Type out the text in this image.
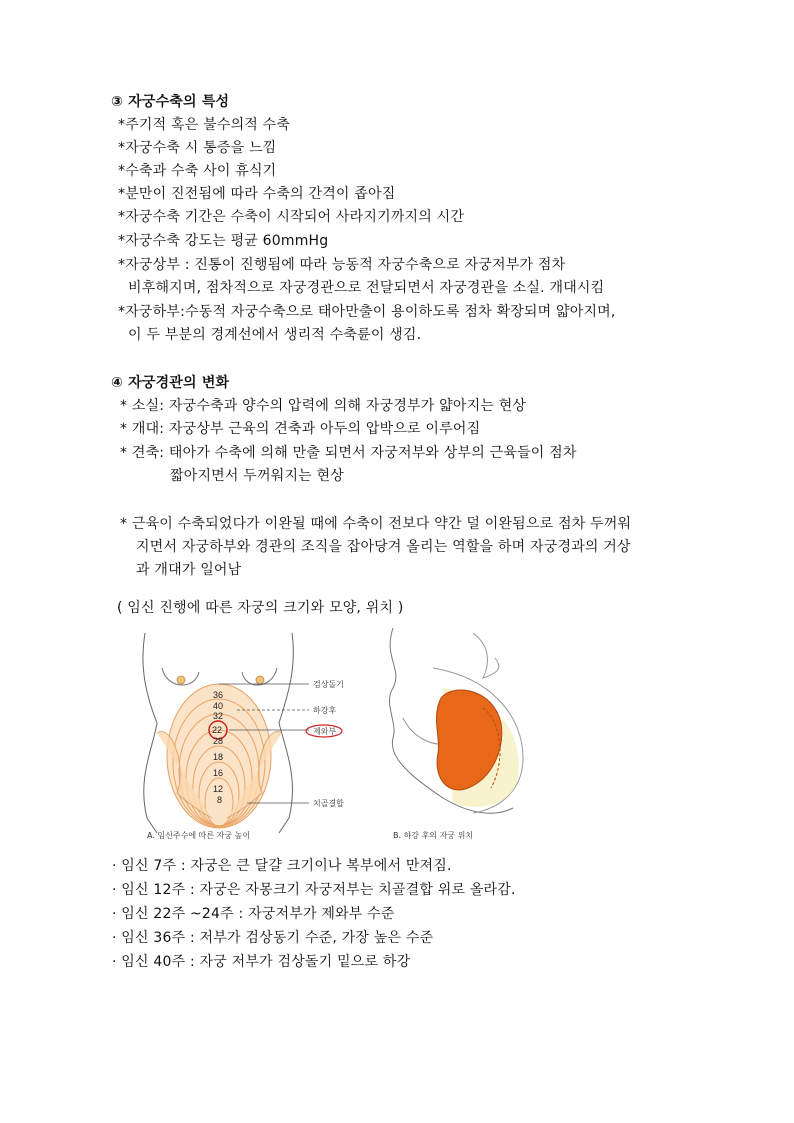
③ 자궁수축의 특성
*주기적 혹은 불수의적 수축
*자궁수축 시 통증을 느낌
*수축과 수축 사이 휴식기
*분만이 진전됨에 따라 수축의 간격이 좁아짐
*자궁수축 기간은 수축이 시작되어 사라지기까지의 시간
*자궁수축 강도는 평균 60mmHg
*자궁상부 : 진통이 진행됨에 따라 능동적 자궁수축으로 자궁저부가 점차
비후해지며, 점차적으로 자궁경관으로 전달되면서 자궁경관을 소실. 개대시킴
*자궁하부:수동적 자궁수축으로 태아만출이 용이하도록 점차 확장되며 얇아지며,
이 두 부분의 경계선에서 생리적 수축륜이 생김.
④ 자궁경관의 변화
* 소실: 자궁수축과 양수의 압력에 의해 자궁경부가 얇아지는 현상
* 개대: 자궁상부 근육의 견축과 아두의 압박으로 이루어짐
* 견축: 태아가 수축에 의해 만출 되면서 자궁저부와 상부의 근육들이 점차
짧아지면서 두꺼워지는 현상
* 근육이 수축되었다가 이완될 때에 수축이 전보다 약간 덜 이완됨으로 점차 두꺼워
지면서 자궁하부와 경관의 조직을 잡아당겨 올리는 역할을 하며 자궁경과의 거상
과 개대가 일어남
( 임신 진행에 따른 자궁의 크기와 모양, 위치 )
36
40
32
22
28
18
16
12
8
검상돌기
하강후
제와부
치골결합
A. 임신주수에 따른 자궁 높이	B. 하강 후의 자궁 위치
· 임신 7주 : 자궁은 큰 달걀 크기이나 복부에서 만져짐.
· 임신 12주 : 자궁은 자몽크기 자궁저부는 치골결합 위로 올라감.
· 임신 22주 ~24주 : 자궁저부가 제와부 수준
· 임신 36주 : 저부가 검상동기 수준, 가장 높은 수준
· 임신 40주 : 자궁 저부가 검상돌기 밑으로 하강
